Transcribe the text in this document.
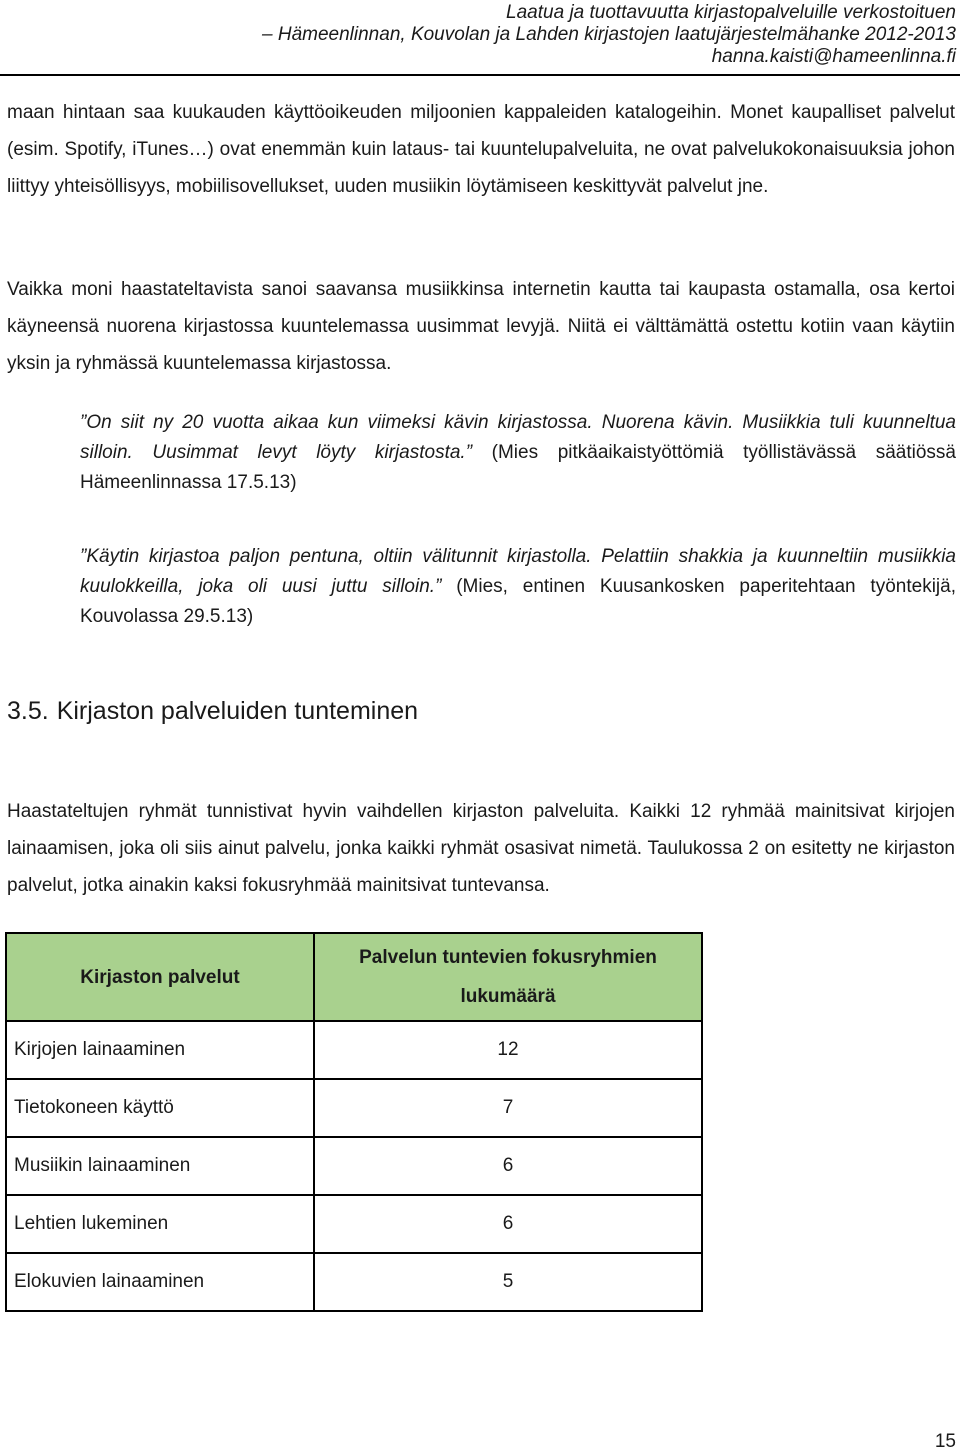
Laatua ja tuottavuutta kirjastopalveluille verkostoituen
– Hämeenlinnan, Kouvolan ja Lahden kirjastojen laatujärjestelmähanke 2012-2013
hanna.kaisti@hameenlinna.fi

maan hintaan saa kuukauden käyttöoikeuden miljoonien kappaleiden katalogeihin. Monet kaupalliset palvelut (esim. Spotify, iTunes…) ovat enemmän kuin lataus- tai kuuntelupalveluita, ne ovat palvelukokonaisuuksia johon liittyy yhteisöllisyys, mobiilisovellukset, uuden musiikin löytämiseen keskittyvät palvelut jne.

Vaikka moni haastateltavista sanoi saavansa musiikkinsa internetin kautta tai kaupasta ostamalla, osa kertoi käyneensä nuorena kirjastossa kuuntelemassa uusimmat levyjä. Niitä ei välttämättä ostettu kotiin vaan käytiin yksin ja ryhmässä kuuntelemassa kirjastossa.

”On siit ny 20 vuotta aikaa kun viimeksi kävin kirjastossa. Nuorena kävin. Musiikkia tuli kuunneltua silloin. Uusimmat levyt löyty kirjastosta.” (Mies pitkäaikaistyöttömiä työllistävässä säätiössä Hämeenlinnassa 17.5.13)

”Käytin kirjastoa paljon pentuna, oltiin välitunnit kirjastolla. Pelattiin shakkia ja kuunneltiin musiikkia kuulokkeilla, joka oli uusi juttu silloin.” (Mies, entinen Kuusankosken paperitehtaan työntekijä, Kouvolassa 29.5.13)

3.5. Kirjaston palveluiden tunteminen

Haastateltujen ryhmät tunnistivat hyvin vaihdellen kirjaston palveluita. Kaikki 12 ryhmää mainitsivat kirjojen lainaamisen, joka oli siis ainut palvelu, jonka kaikki ryhmät osasivat nimetä. Taulukossa 2 on esitetty ne kirjaston palvelut, jotka ainakin kaksi fokusryhmää mainitsivat tuntevansa.

Kirjaston palvelut	Palvelun tuntevien fokusryhmien lukumäärä
Kirjojen lainaaminen	12
Tietokoneen käyttö	7
Musiikin lainaaminen	6
Lehtien lukeminen	6
Elokuvien lainaaminen	5
15
